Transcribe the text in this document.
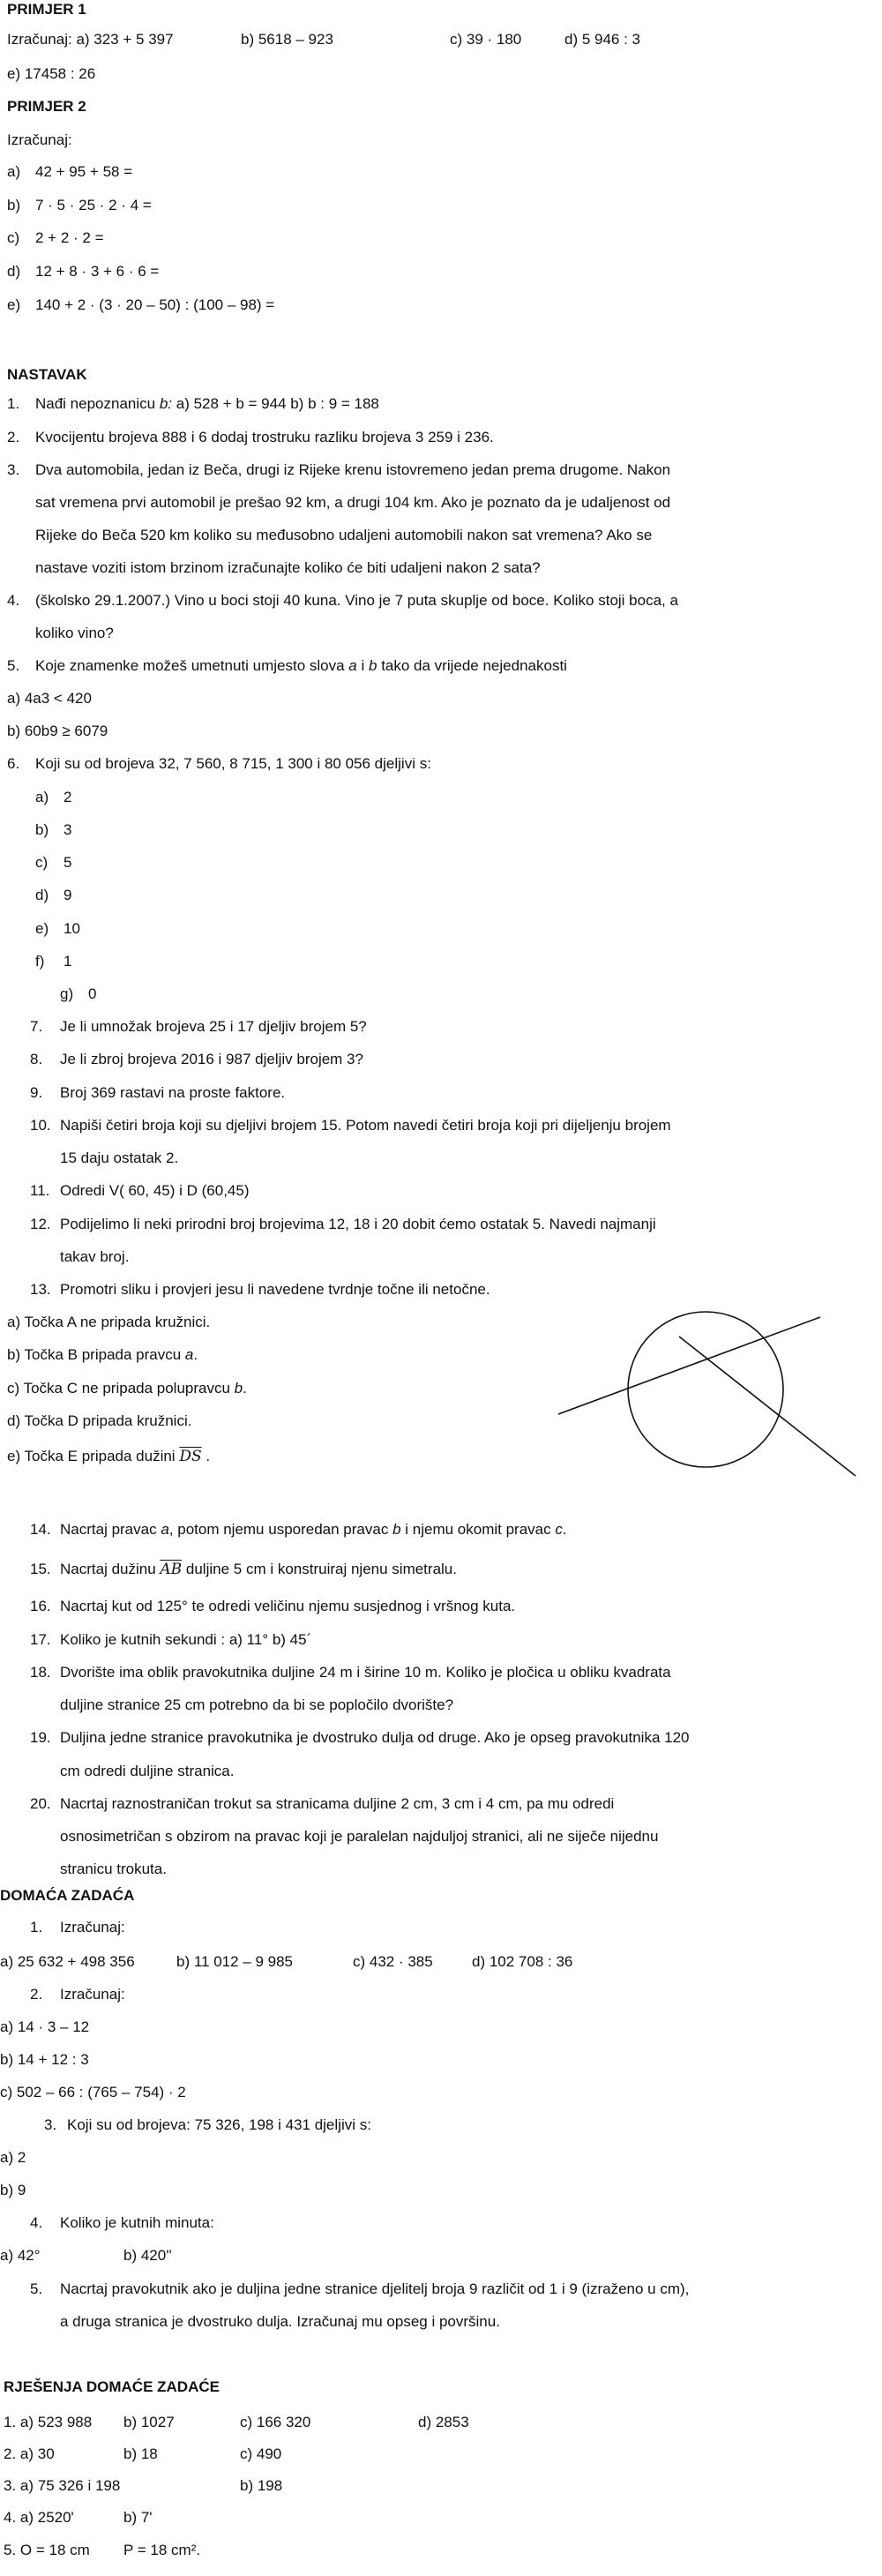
PRIMJER 1
Izračunaj: a) 323 + 5 397	b) 5618 – 923	c) 39 · 180	d) 5 946 : 3
e) 17458 : 26
PRIMJER 2
Izračunaj:
a) 42 + 95 + 58 =
b) 7 · 5 · 25 · 2 · 4 =
c) 2 + 2 · 2 =
d) 12 + 8 · 3 + 6 · 6 =
e) 140 + 2 · (3 · 20 – 50) : (100 – 98) =
NASTAVAK
1. Nađi nepoznanicu b: a) 528 + b = 944 b) b : 9 = 188
2. Kvocijentu brojeva 888 i 6 dodaj trostruku razliku brojeva 3 259 i 236.
3. Dva automobila, jedan iz Beča, drugi iz Rijeke krenu istovremeno jedan prema drugome. Nakon
sat vremena prvi automobil je prešao 92 km, a drugi 104 km. Ako je poznato da je udaljenost od
Rijeke do Beča 520 km koliko su međusobno udaljeni automobili nakon sat vremena? Ako se
nastave voziti istom brzinom izračunajte koliko će biti udaljeni nakon 2 sata?
4. (školsko 29.1.2007.) Vino u boci stoji 40 kuna. Vino je 7 puta skuplje od boce. Koliko stoji boca, a
koliko vino?
5. Koje znamenke možeš umetnuti umjesto slova a i b tako da vrijede nejednakosti
a) 4a3 < 420
b) 60b9 ≥ 6079
6. Koji su od brojeva 32, 7 560, 8 715, 1 300 i 80 056 djeljivi s:
a) 2
b) 3
c) 5
d) 9
e) 10
f) 1
g) 0
7. Je li umnožak brojeva 25 i 17 djeljiv brojem 5?
8. Je li zbroj brojeva 2016 i 987 djeljiv brojem 3?
9. Broj 369 rastavi na proste faktore.
10. Napiši četiri broja koji su djeljivi brojem 15. Potom navedi četiri broja koji pri dijeljenju brojem
15 daju ostatak 2.
11. Odredi V( 60, 45) i D (60,45)
12. Podijelimo li neki prirodni broj brojevima 12, 18 i 20 dobit ćemo ostatak 5. Navedi najmanji
takav broj.
13. Promotri sliku i provjeri jesu li navedene tvrdnje točne ili netočne.
a) Točka A ne pripada kružnici.
b) Točka B pripada pravcu a.
c) Točka C ne pripada polupravcu b.
d) Točka D pripada kružnici.
e) Točka E pripada dužini $\overline{DS}$ .
14. Nacrtaj pravac a, potom njemu usporedan pravac b i njemu okomit pravac c.
15. Nacrtaj dužinu $\overline{AB}$ duljine 5 cm i konstruiraj njenu simetralu.
16. Nacrtaj kut od 125° te odredi veličinu njemu susjednog i vršnog kuta.
17. Koliko je kutnih sekundi : a) 11° b) 45´
18. Dvorište ima oblik pravokutnika duljine 24 m i širine 10 m. Koliko je pločica u obliku kvadrata
duljine stranice 25 cm potrebno da bi se popločilo dvorište?
19. Duljina jedne stranice pravokutnika je dvostruko dulja od druge. Ako je opseg pravokutnika 120
cm odredi duljine stranica.
20. Nacrtaj raznostraničan trokut sa stranicama duljine 2 cm, 3 cm i 4 cm, pa mu odredi
osnosimetričan s obzirom na pravac koji je paralelan najduljoj stranici, ali ne siječe nijednu
stranicu trokuta.
DOMAĆA ZADAĆA
1. Izračunaj:
a) 25 632 + 498 356	b) 11 012 – 9 985	c) 432 · 385	d) 102 708 : 36
2. Izračunaj:
a) 14 · 3 – 12
b) 14 + 12 : 3
c) 502 – 66 : (765 – 754) · 2
3. Koji su od brojeva: 75 326, 198 i 431 djeljivi s:
a) 2
b) 9
4. Koliko je kutnih minuta:
a) 42°	b) 420''
5. Nacrtaj pravokutnik ako je duljina jedne stranice djelitelj broja 9 različit od 1 i 9 (izraženo u cm),
a druga stranica je dvostruko dulja. Izračunaj mu opseg i površinu.
RJEŠENJA DOMAĆE ZADAĆE
1. a) 523 988 b) 1027	c) 166 320	d) 2853
2. a) 30	b) 18	c) 490
3. a) 75 326 i 198	b) 198
4. a) 2520'	b) 7'
5. O = 18 cm P = 18 cm².
